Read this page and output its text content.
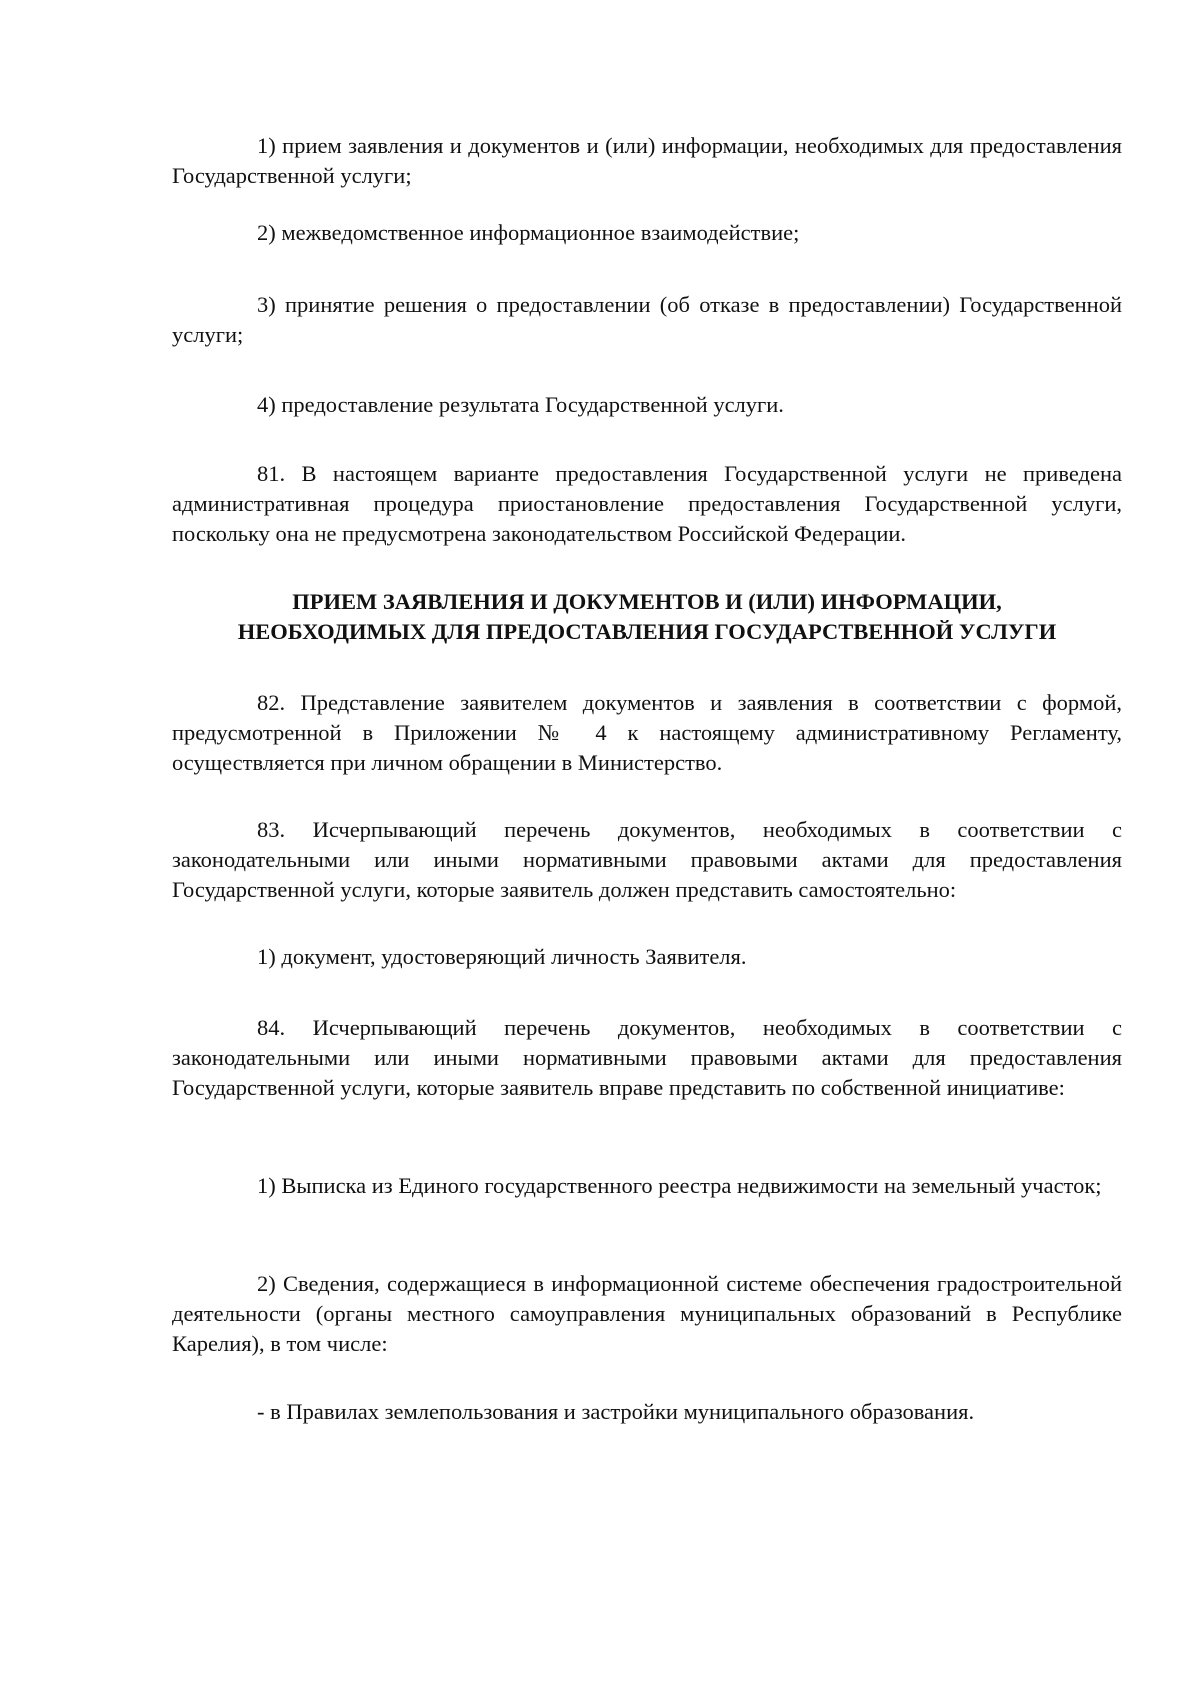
1) прием заявления и документов и (или) информации, необходимых для предоставления Государственной услуги;

2) межведомственное информационное взаимодействие;

3) принятие решения о предоставлении (об отказе в предоставлении) Государственной услуги;

4) предоставление результата Государственной услуги.

81. В настоящем варианте предоставления Государственной услуги не приведена административная процедура приостановление предоставления Государственной услуги, поскольку она не предусмотрена законодательством Российской Федерации.

ПРИЕМ ЗАЯВЛЕНИЯ И ДОКУМЕНТОВ И (ИЛИ) ИНФОРМАЦИИ,
НЕОБХОДИМЫХ ДЛЯ ПРЕДОСТАВЛЕНИЯ ГОСУДАРСТВЕННОЙ УСЛУГИ

82. Представление заявителем документов и заявления в соответствии с формой, предусмотренной в Приложении № 4 к настоящему административному Регламенту, осуществляется при личном обращении в Министерство.

83. Исчерпывающий перечень документов, необходимых в соответствии с законодательными или иными нормативными правовыми актами для предоставления Государственной услуги, которые заявитель должен представить самостоятельно:

1) документ, удостоверяющий личность Заявителя.

84. Исчерпывающий перечень документов, необходимых в соответствии с законодательными или иными нормативными правовыми актами для предоставления Государственной услуги, которые заявитель вправе представить по собственной инициативе:

1) Выписка из Единого государственного реестра недвижимости на земельный участок;

2) Сведения, содержащиеся в информационной системе обеспечения градостроительной деятельности (органы местного самоуправления муниципальных образований в Республике Карелия), в том числе:

- в Правилах землепользования и застройки муниципального образования.
